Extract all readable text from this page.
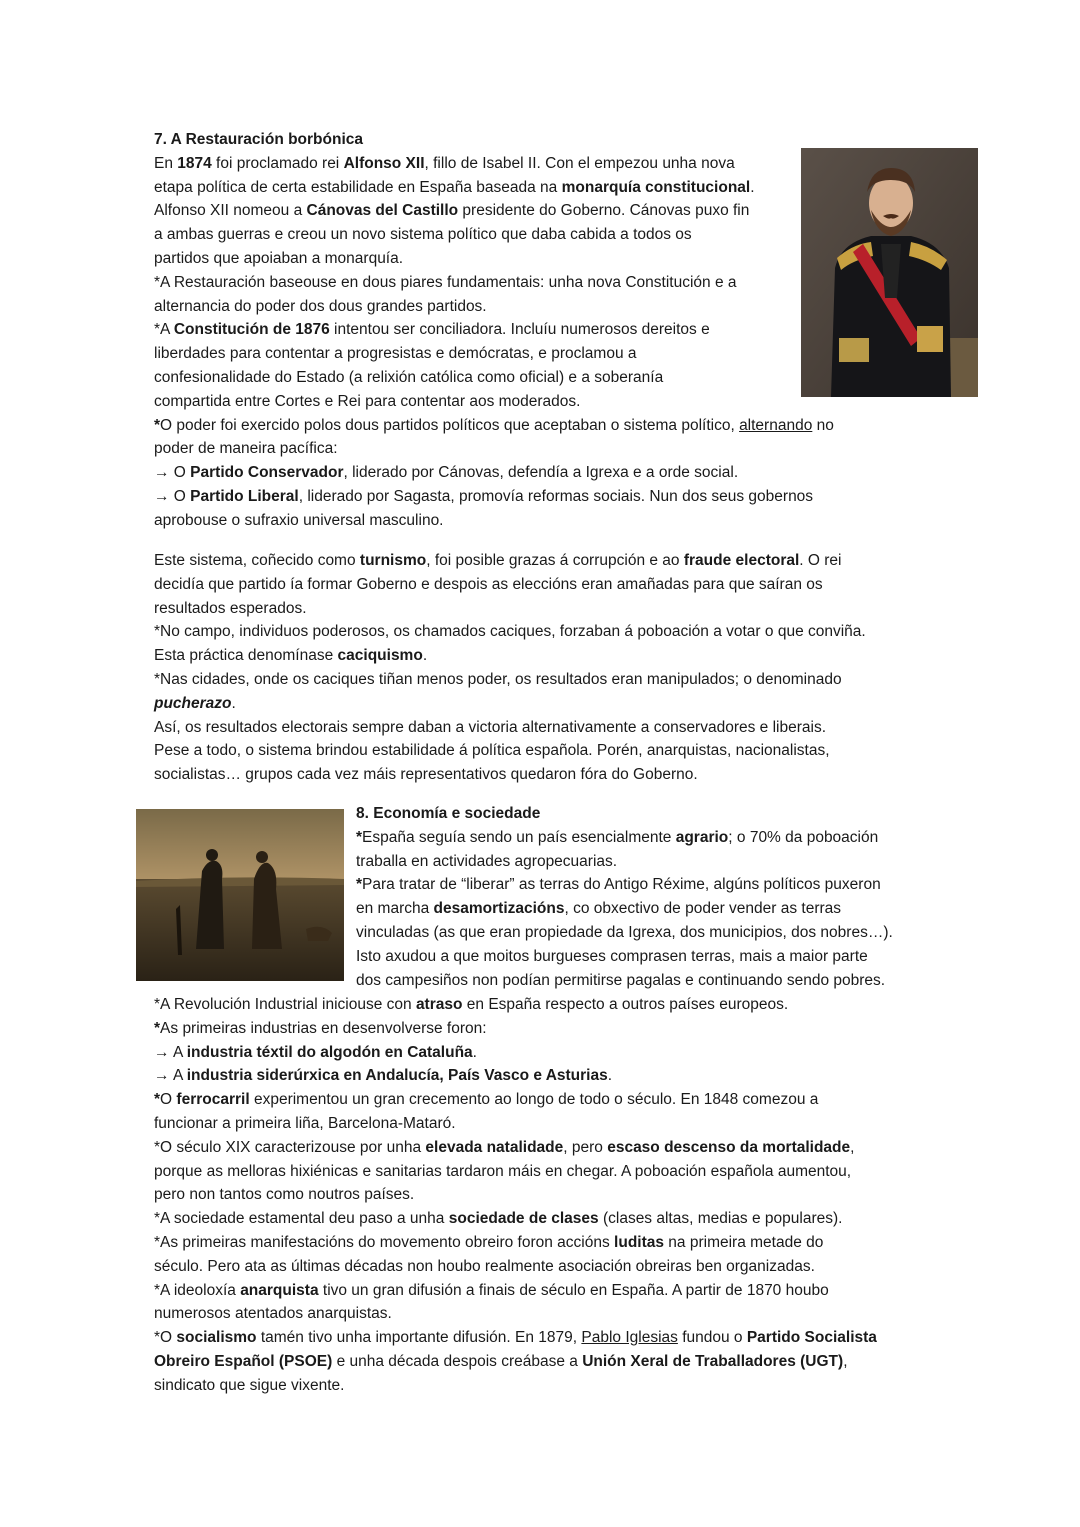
7. A Restauración borbónica
En 1874 foi proclamado rei Alfonso XII, fillo de Isabel II. Con el empezou unha nova
etapa política de certa estabilidade en España baseada na monarquía constitucional.
Alfonso XII nomeou a Cánovas del Castillo presidente do Goberno. Cánovas puxo fin
a ambas guerras e creou un novo sistema político que daba cabida a todos os
partidos que apoiaban a monarquía.
*A Restauración baseouse en dous piares fundamentais: unha nova Constitución e a
alternancia do poder dos dous grandes partidos.
*A Constitución de 1876 intentou ser conciliadora. Incluíu numerosos dereitos e
liberdades para contentar a progresistas e demócratas, e proclamou a
confesionalidade do Estado (a relixión católica como oficial) e a soberanía
compartida entre Cortes e Rei para contentar aos moderados.
*O poder foi exercido polos dous partidos políticos que aceptaban o sistema político, alternando no
poder de maneira pacífica:
→ O Partido Conservador, liderado por Cánovas, defendía a Igrexa e a orde social.
→ O Partido Liberal, liderado por Sagasta, promovía reformas sociais. Nun dos seus gobernos
aprobouse o sufraxio universal masculino.
Este sistema, coñecido como turnismo, foi posible grazas á corrupción e ao fraude electoral. O rei
decidía que partido ía formar Goberno e despois as eleccións eran amañadas para que saíran os
resultados esperados.
*No campo, individuos poderosos, os chamados caciques, forzaban á poboación a votar o que conviña.
Esta práctica denomínase caciquismo.
*Nas cidades, onde os caciques tiñan menos poder, os resultados eran manipulados; o denominado
pucherazo.
Así, os resultados electorais sempre daban a victoria alternativamente a conservadores e liberais.
Pese a todo, o sistema brindou estabilidade á política española. Porén, anarquistas, nacionalistas,
socialistas… grupos cada vez máis representativos quedaron fóra do Goberno.
8. Economía e sociedade
*España seguía sendo un país esencialmente agrario; o 70% da poboación
traballa en actividades agropecuarias.
*Para tratar de “liberar” as terras do Antigo Réxime, algúns políticos puxeron
en marcha desamortizacións, co obxectivo de poder vender as terras
vinculadas (as que eran propiedade da Igrexa, dos municipios, dos nobres…).
Isto axudou a que moitos burgueses comprasen terras, mais a maior parte
dos campesiños non podían permitirse pagalas e continuando sendo pobres.
*A Revolución Industrial iniciouse con atraso en España respecto a outros países europeos.
*As primeiras industrias en desenvolverse foron:
→ A industria téxtil do algodón en Cataluña.
→ A industria siderúrxica en Andalucía, País Vasco e Asturias.
*O ferrocarril experimentou un gran crecemento ao longo de todo o século. En 1848 comezou a
funcionar a primeira liña, Barcelona-Mataró.
*O século XIX caracterizouse por unha elevada natalidade, pero escaso descenso da mortalidade,
porque as melloras hixiénicas e sanitarias tardaron máis en chegar. A poboación española aumentou,
pero non tantos como noutros países.
*A sociedade estamental deu paso a unha sociedade de clases (clases altas, medias e populares).
*As primeiras manifestacións do movemento obreiro foron accións luditas na primeira metade do
século. Pero ata as últimas décadas non houbo realmente asociación obreiras ben organizadas.
*A ideoloxía anarquista tivo un gran difusión a finais de século en España. A partir de 1870 houbo
numerosos atentados anarquistas.
*O socialismo tamén tivo unha importante difusión. En 1879, Pablo Iglesias fundou o Partido Socialista
Obreiro Español (PSOE) e unha década despois creábase a Unión Xeral de Traballadores (UGT),
sindicato que sigue vixente.
